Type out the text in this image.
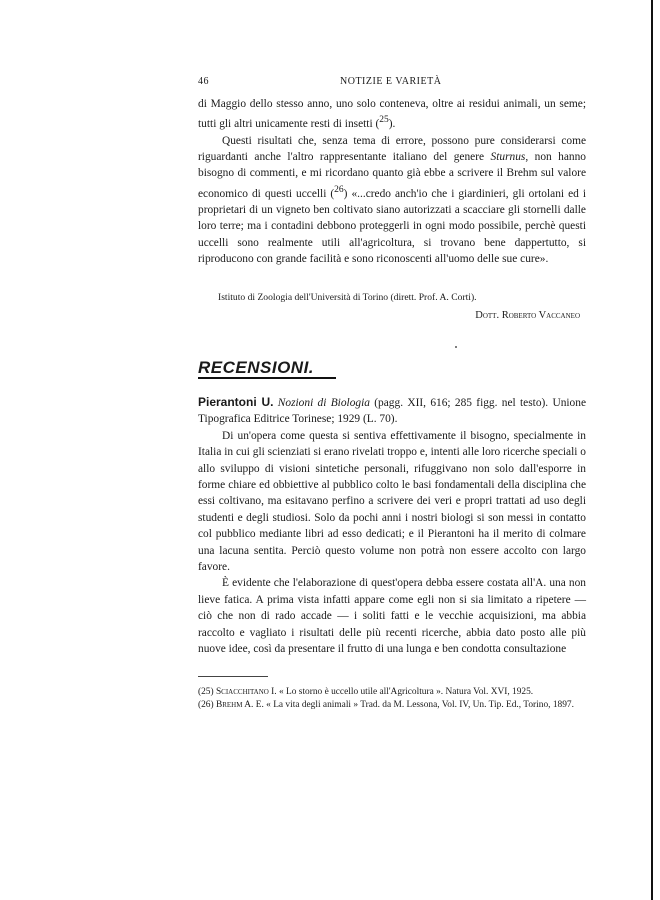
46	NOTIZIE E VARIETÀ

di Maggio dello stesso anno, uno solo conteneva, oltre ai residui animali, un seme; tutti gli altri unicamente resti di insetti ($^{25}$).

Questi risultati che, senza tema di errore, possono pure considerarsi come riguardanti anche l'altro rappresentante italiano del genere Sturnus, non hanno bisogno di commenti, e mi ricordano quanto già ebbe a scrivere il Brehm sul valore economico di questi uccelli ($^{26}$) «...credo anch'io che i giardinieri, gli ortolani ed i proprietari di un vigneto ben coltivato siano autorizzati a scacciare gli stornelli dalle loro terre; ma i contadini debbono proteggerli in ogni modo possibile, perchè questi uccelli sono realmente utili all'agricoltura, si trovano bene dappertutto, si riproducono con grande facilità e sono riconoscenti all'uomo delle sue cure».

Istituto di Zoologia dell'Università di Torino (dirett. Prof. A. Corti).
Dott. Roberto Vaccaneo
RECENSIONI.

Pierantoni U. Nozioni di Biologia (pagg. XII, 616; 285 figg. nel testo). Unione Tipografica Editrice Torinese; 1929 (L. 70).

Di un'opera come questa si sentiva effettivamente il bisogno, specialmente in Italia in cui gli scienziati si erano rivelati troppo e, intenti alle loro ricerche speciali o allo sviluppo di visioni sintetiche personali, rifuggivano non solo dall'esporre in forme chiare ed obbiettive al pubblico colto le basi fondamentali della disciplina che essi coltivano, ma esitavano perfino a scrivere dei veri e propri trattati ad uso degli studenti e degli studiosi. Solo da pochi anni i nostri biologi si son messi in contatto col pubblico mediante libri ad esso dedicati; e il Pierantoni ha il merito di colmare una lacuna sentita. Perciò questo volume non potrà non essere accolto con largo favore.

È evidente che l'elaborazione di quest'opera debba essere costata all'A. una non lieve fatica. A prima vista infatti appare come egli non si sia limitato a ripetere — ciò che non di rado accade — i soliti fatti e le vecchie acquisizioni, ma abbia raccolto e vagliato i risultati delle più recenti ricerche, abbia dato posto alle più nuove idee, così da presentare il frutto di una lunga e ben condotta consultazione

(25) Sciacchitano I. « Lo storno è uccello utile all'Agricoltura ». Natura Vol. XVI, 1925.

(26) Brehm A. E. « La vita degli animali » Trad. da M. Lessona, Vol. IV, Un. Tip. Ed., Torino, 1897.
